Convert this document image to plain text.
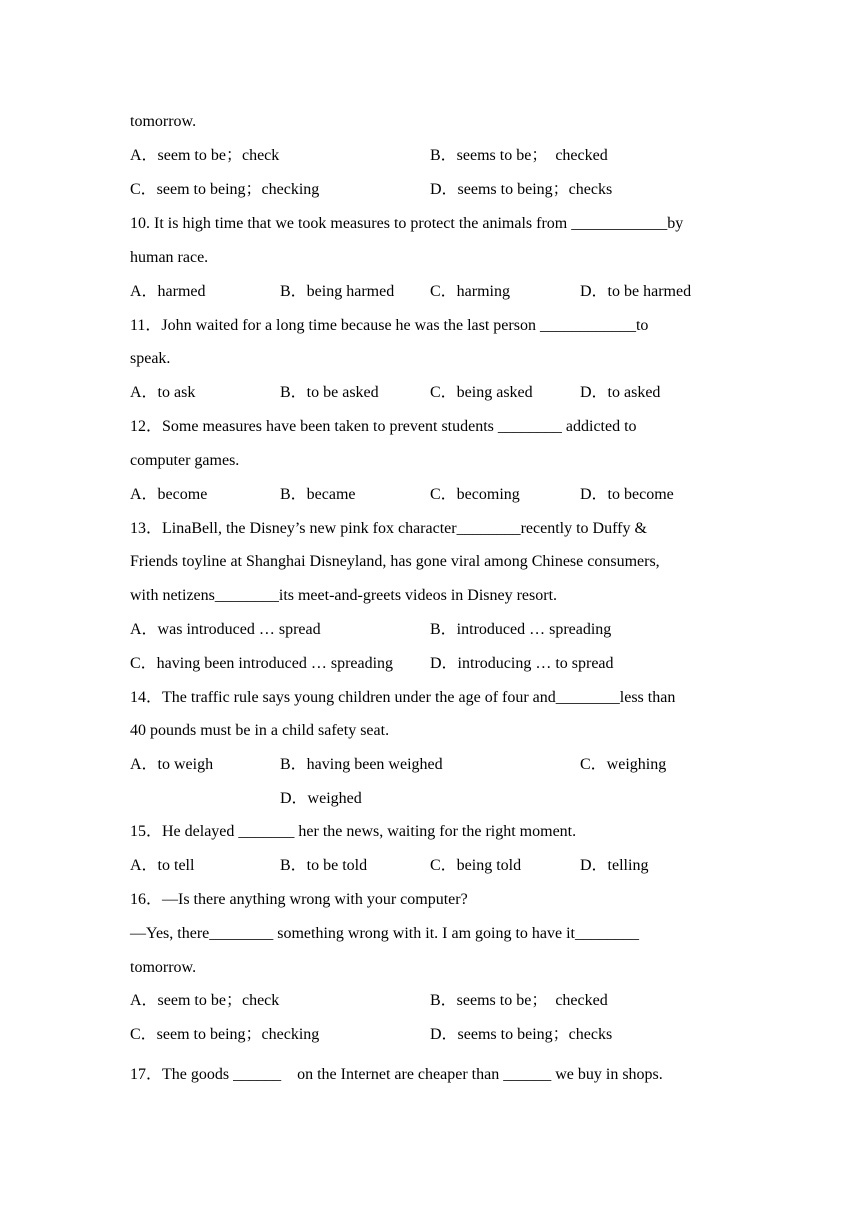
tomorrow.
A．seem to be；check	B．seems to be；  checked
C．seem to being；checking	D．seems to being；checks
10. It is high time that we took measures to protect the animals from ____________by
human race.
A．harmed	B．being harmed C．harming	D．to be harmed
11．John waited for a long time because he was the last person ____________to
speak.
A．to ask	B．to be asked	C．being asked	D．to asked
12．Some measures have been taken to prevent students ________ addicted to
computer games.
A．become	B．became	C．becoming	D．to become
13．LinaBell, the Disney’s new pink fox character________recently to Duffy &
Friends toyline at Shanghai Disneyland, has gone viral among Chinese consumers,
with netizens________its meet-and-greets videos in Disney resort.
A．was introduced … spread	B．introduced … spreading
C．having been introduced … spreading D．introducing … to spread
14．The traffic rule says young children under the age of four and________less than
40 pounds must be in a child safety seat.
A．to weigh	B．having been weighed	C．weighing
D．weighed
15．He delayed _______ her the news, waiting for the right moment.
A．to tell	B．to be told	C．being told	D．telling
16．—Is there anything wrong with your computer?
—Yes, there________ something wrong with it. I am going to have it________
tomorrow.
A．seem to be；check	B．seems to be；  checked
C．seem to being；checking	D．seems to being；checks
17．The goods ______    on the Internet are cheaper than ______ we buy in shops.
